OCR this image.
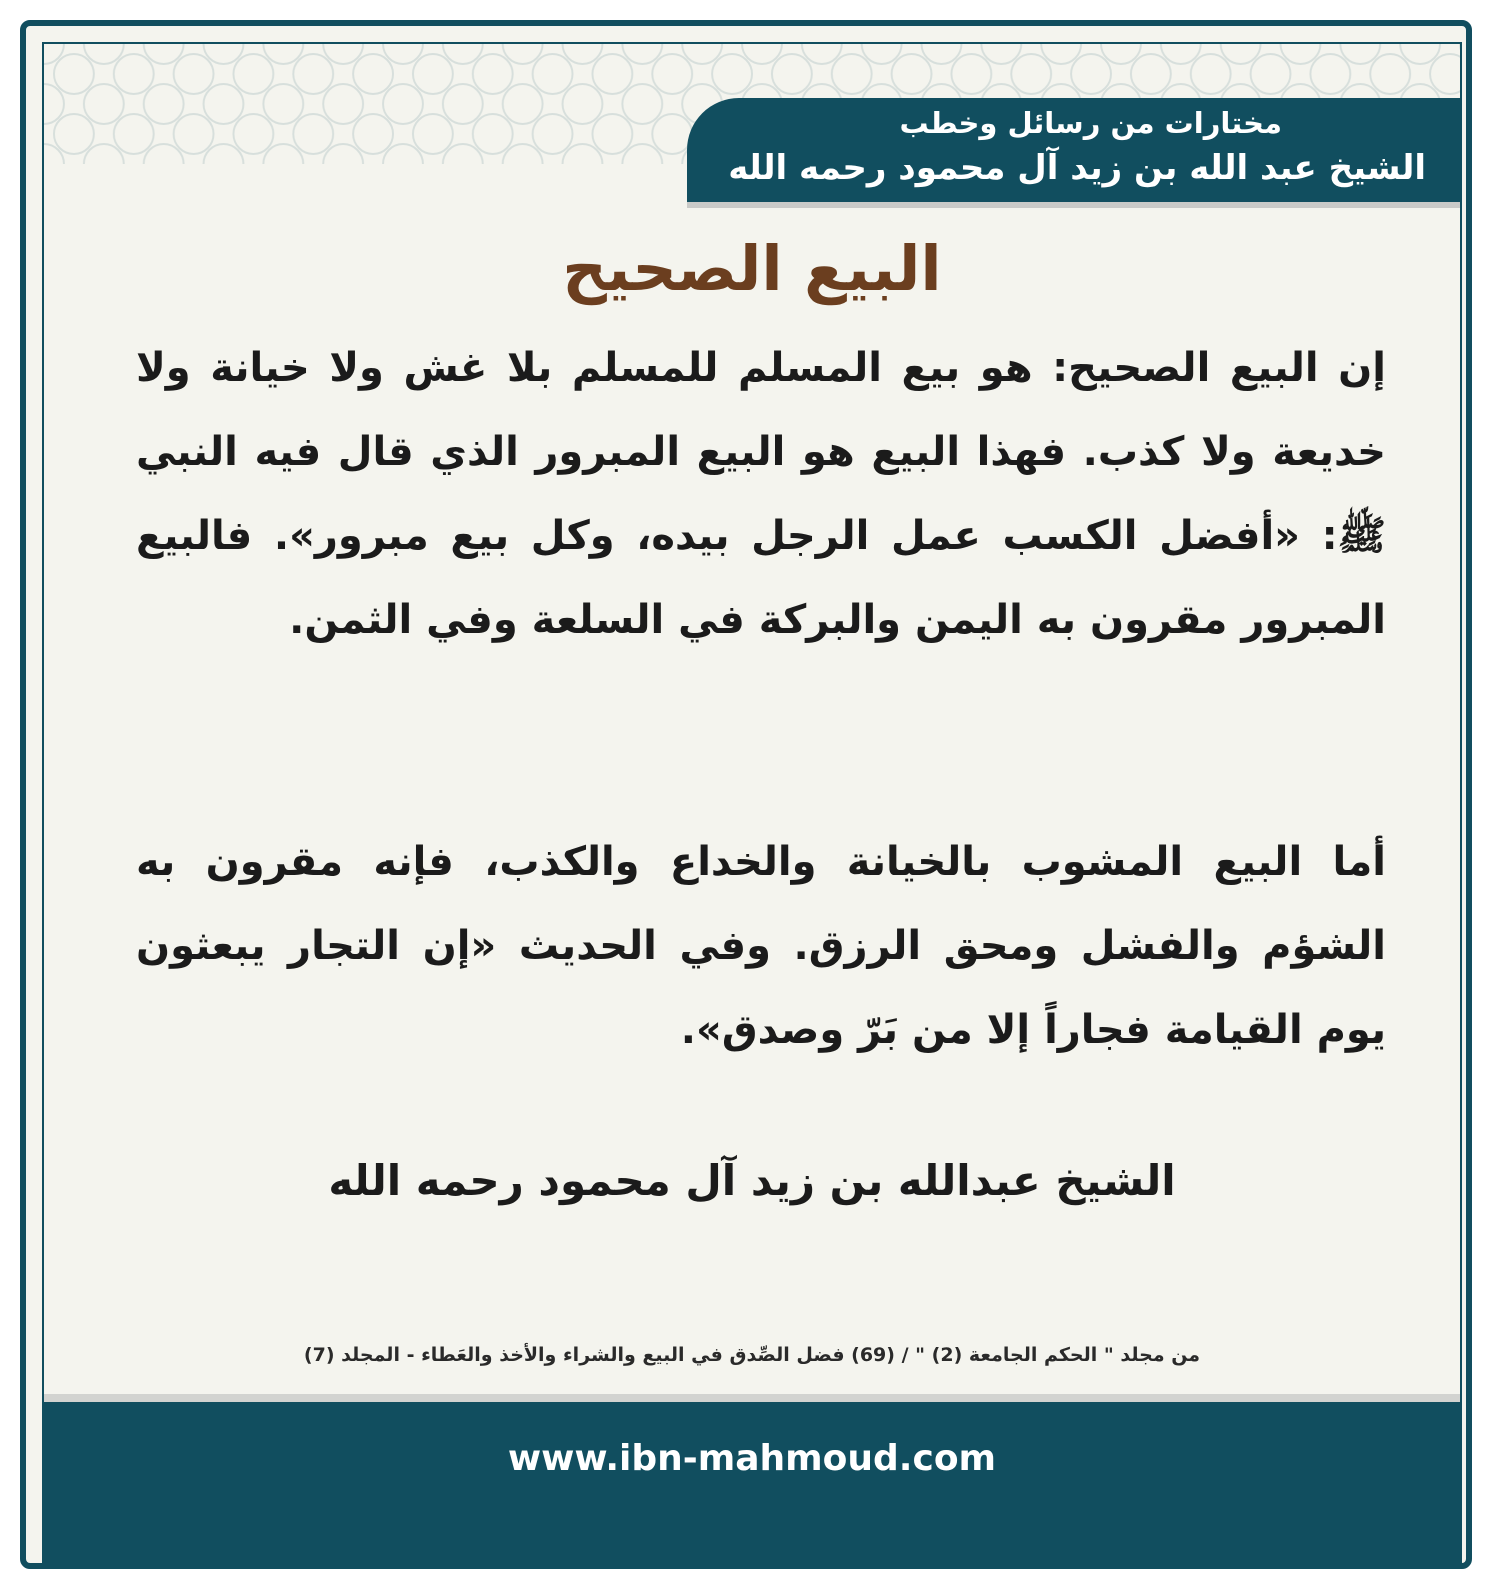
مختارات من رسائل وخطب
الشيخ عبد الله بن زيد آل محمود رحمه الله
البيع الصحيح
إن البيع الصحيح: هو بيع المسلم للمسلم بلا غش ولا خيانة ولا خديعة ولا كذب. فهذا البيع هو البيع المبرور الذي قال فيه النبي ﷺ: «أفضل الكسب عمل الرجل بيده، وكل بيع مبرور». فالبيع المبرور مقرون به اليمن والبركة في السلعة وفي الثمن.
أما البيع المشوب بالخيانة والخداع والكذب، فإنه مقرون به الشؤم والفشل ومحق الرزق. وفي الحديث «إن التجار يبعثون يوم القيامة فجاراً إلا من بَرّ وصدق».
الشيخ عبدالله بن زيد آل محمود رحمه الله
من مجلد " الحكم الجامعة (2) " / (69) فضل الصِّدق في البيع والشراء والأخذ والعَطاء - المجلد (7)
www.ibn-mahmoud.com
